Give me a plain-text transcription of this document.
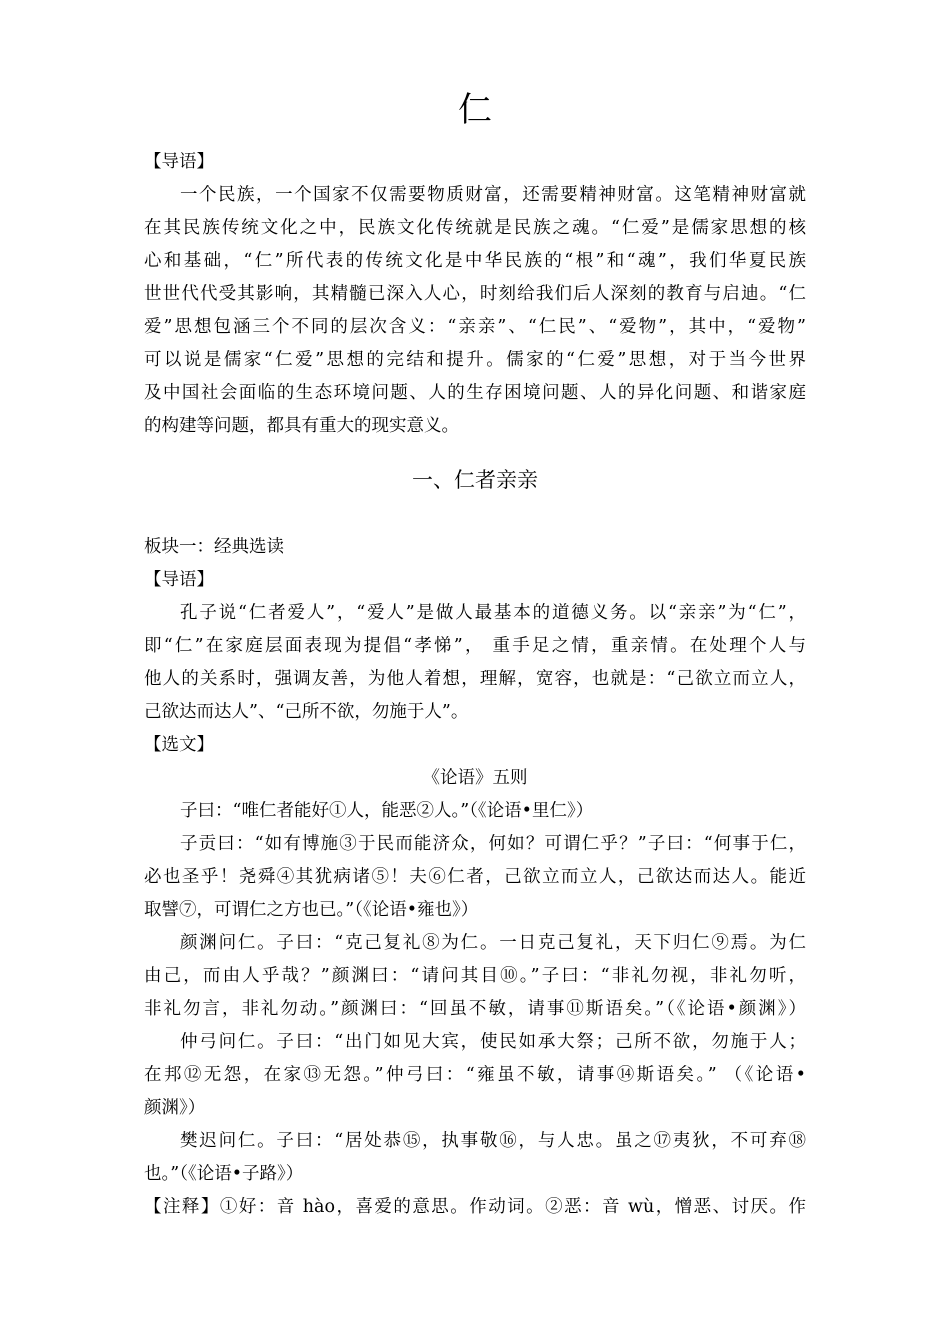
仁
【导语】
一个民族，一个国家不仅需要物质财富，还需要精神财富。这笔精神财富就
在其民族传统文化之中，民族文化传统就是民族之魂。“仁爱”是儒家思想的核
心和基础，“仁”所代表的传统文化是中华民族的“根”和“魂”，我们华夏民族
世世代代受其影响，其精髓已深入人心，时刻给我们后人深刻的教育与启迪。“仁
爱”思想包涵三个不同的层次含义：“亲亲”、“仁民”、“爱物”，其中，“爱物”
可以说是儒家“仁爱”思想的完结和提升。儒家的“仁爱”思想，对于当今世界
及中国社会面临的生态环境问题、人的生存困境问题、人的异化问题、和谐家庭
的构建等问题，都具有重大的现实意义。
一、仁者亲亲
板块一：经典选读
【导语】
孔子说“仁者爱人”，“爱人”是做人最基本的道德义务。以“亲亲”为“仁”，
即“仁”在家庭层面表现为提倡“孝悌”， 重手足之情，重亲情。在处理个人与
他人的关系时，强调友善，为他人着想，理解，宽容，也就是：“己欲立而立人，
己欲达而达人”、“己所不欲，勿施于人”。
【选文】
《论语》五则
子曰：“唯仁者能好①人，能恶②人。”（《论语•里仁》）
子贡曰：“如有博施③于民而能济众，何如？可谓仁乎？”子曰：“何事于仁，
必也圣乎！尧舜④其犹病诸⑤！夫⑥仁者，己欲立而立人，己欲达而达人。能近
取譬⑦，可谓仁之方也已。”（《论语•雍也》）
颜渊问仁。子曰：“克己复礼⑧为仁。一日克己复礼，天下归仁⑨焉。为仁
由己，而由人乎哉？”颜渊曰：“请问其目⑩。”子曰：“非礼勿视，非礼勿听，
非礼勿言，非礼勿动。”颜渊曰：“回虽不敏，请事⑪斯语矣。”（《论语•颜渊》）
仲弓问仁。子曰：“出门如见大宾，使民如承大祭；己所不欲，勿施于人；
在邦⑫无怨，在家⑬无怨。”仲弓曰：“雍虽不敏，请事⑭斯语矣。” （《论语•
颜渊》）
樊迟问仁。子曰：“居处恭⑮，执事敬⑯，与人忠。虽之⑰夷狄，不可弃⑱
也。”（《论语•子路》）
【注释】①好：音 hào，喜爱的意思。作动词。②恶：音 wù，憎恶、讨厌。作
